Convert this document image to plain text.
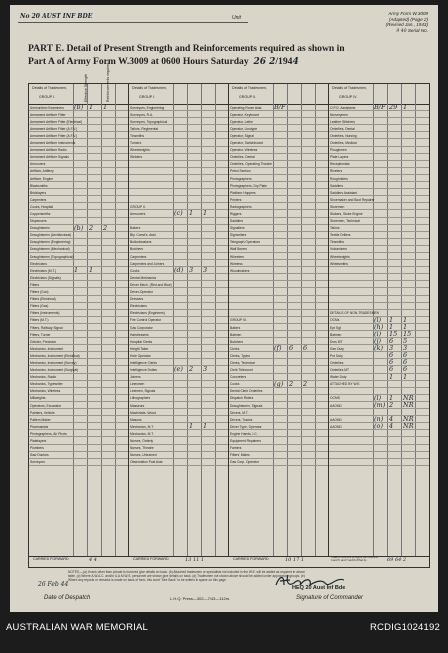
No 20 AUST INF BDE	Unit
Army Form W.3009
(Adapted) (Page 2)
(Revised Jan., 1943)
9 40 Serial No.
PART E. Detail of Present Strength and Reinforcements required as shown in
Part A of Army Form W.3009 at 0600 Hours Saturday 26 2/1944
Details of Tradesmen,
GROUP I.	Effective Strength	Reinforcements required
Ammunition Examiners	(b) 1 1
Armament Artificer Fitter
Armament Artificer Fitter (Electrical)
Armament Artificer Fitter (A.F.V.)
Armament Artificer Fitter (A.F.V.)
Armament Artificer Instruments
Armament Artificer Radio
Armament Artificer Signals
Armourers
Artificer, Artillery
Artificer, Engine
Blacksmiths
Bricklayers
Carpenters
Cooks, Hospital
Coppersmiths
Dispensers
Draughtsmen	(b) 2 2
Draughtsmen (Architectural)
Draughtsmen (Engineering)
Draughtsmen (Mechanical)
Draughtsmen (Topographical)
Electricians
Electricians (M.T.)	1 1
Electricians (Signals)
Fitters
Fitters (Gun)
Fitters (Electrical)
Fitters (Gas)
Fitters (Instruments)
Fitters (M.T.)
Fitters, Railway Signal
Fitters, Turner
Grinder, Precision
Mechanics, Instrument
Mechanics, Instrument (Electrical)
Mechanics, Instrument (Survey)
Mechanics, Instrument (Surgical)
Mechanics, Radio
Mechanics, Typewriter
Mechanics, Wireless
Millwrights
Operators, Excavator
Painters, Vehicle
Pattern Maker
Pharmacists
Photographers, Air Photo
Platelayers
Plumbers
Saw Doctors
Surveyors
Details of Tradesmen,
GROUP I.
Surveyors, Engineering
Surveyors, R.A.
Surveyors, Topographical
Tailors, Regimental
Tinsmiths
Turners
Wheelwrights
Welders
GROUP II.
Armourers	(c) 1 1
Bakers
Bty. Comd's. Asst.
Bullockmakers
Butchers
Carpenters
Carpenters and Joiners
Cooks	(d) 3 3
Dental Mechanics
Driver Mech. (Red and Blue)
Driver-Operator
Dressers
Electricians
Electricians (Engineers)
Fire Control Operator
Gas Corporator
Hairdressers
Hospital Clerks
Height Taker
Hole Operator
Intelligence Clerks
Intelligence Duties	(e) 2 3
Joiners
Linesmen
Linemen, Signals
Lithographers
Masseurs
Machinists, Wood
Masons
Mechanics, M.T.	1 1
Mechanics, M.T.
Nurses, Orderly
Nurses, Theatre
Nurses, Untrained
Observation Post Asst.
Details of Tradesmen,
GROUP II.
Operating Room Asst.	B/F
Operator, Keyboard
Operator, Lathe
Operator, Linotype
Operator, Signal
Operator, Switchboard
Operator, Wireless
Orderlies, Dental
Orderlies, Operating Theatre
Petrol Section
Photographers
Photographers, Dry Plate
Platform Hoppers
Printers
Radiographers
Riggers
Saddlers
Signallers
Signwriters
Telegraph Operators
Wall Borers
Wheelers
Wireless
Woodmakers
GROUP III.
Bakers
Batmen
Butchers
Clerks	(f) 6 6
Clerks, Typist
Clerks, Technical
Clerk Telecount
Concreters
Cooks	(g) 2 2
Dental Clerk Orderlies
Dispatch Riders
Draughtsmen, Signals
Drivers, M.T.
Drivers, Tractor
Driver Type, Operator
Engine Hands, I.C.
Equipment Repairers
Farriers
Fitters' Mates
Gas Corp. Operator
Details of Tradesmen,
GROUP IV.
O.P.G. Assistants	B/F 29 1
Nurserymen
Leather Stitchers
Orderlies, Dental
Orderlies, Nursing
Orderlies, Medical
Ploughmen
Plate Layers
Receptionists
Riveters
Roughriders
Saddlers
Saddlers Assistant
Shoemaker and Boot Repairer
Storemen
Stokers, Stoke Engine
Storemen, Technical
Tailors
Textile Drillers
Tinsmiths
Vulcanizers
Wheelwrights
Whitesmiths
DETAILS OF NON-TRADESMEN
OCMs	(l) 1 1
Ept Sgt	(h) 1 1
Batmen	(i) 15 15
Dvrs MT	(j) 6 5
Gen Duty	(k) 3 3
Pro Duty	6 6
Orderlies	6 6
Orderlies MT	6 6
Water Duty	1 1
ATTACHED BY W.E.
OCMS	(l) 1 NR
AAOND	(m) 2 NR
AAOND	(n) 4 NR
AAOND	(o) 4 NR
CARRIED FORWARD	4 4	CARRIED FORWARD	13 11 1	CARRIED FORWARD	10 17 1	Totals of columns (to agree with columns 4 and 5, and 7 and 8 of Part A)	69 64 2
NOTES.—(a) If rank other than private is involved give details on back. (b) Attached tradesmen or specialists not included in the W.E. will be added as required in above table. (c) Where A.W.A.C. and/or A.A.M.W.S. personnel are shown give details on back. (d) Tradesmen not shown above should be added under appropriate groups. (e) Where any reports or remarks is made on back of form, this word "See Back" to be written in space on this page.
26 Feb 44
Date of Despatch	L.H.Q. Press—302—7/43—112m.
HEQ 20 Aust Inf Bde
Signature of Commander
AUSTRALIAN WAR MEMORIAL	RCDIG1024192
